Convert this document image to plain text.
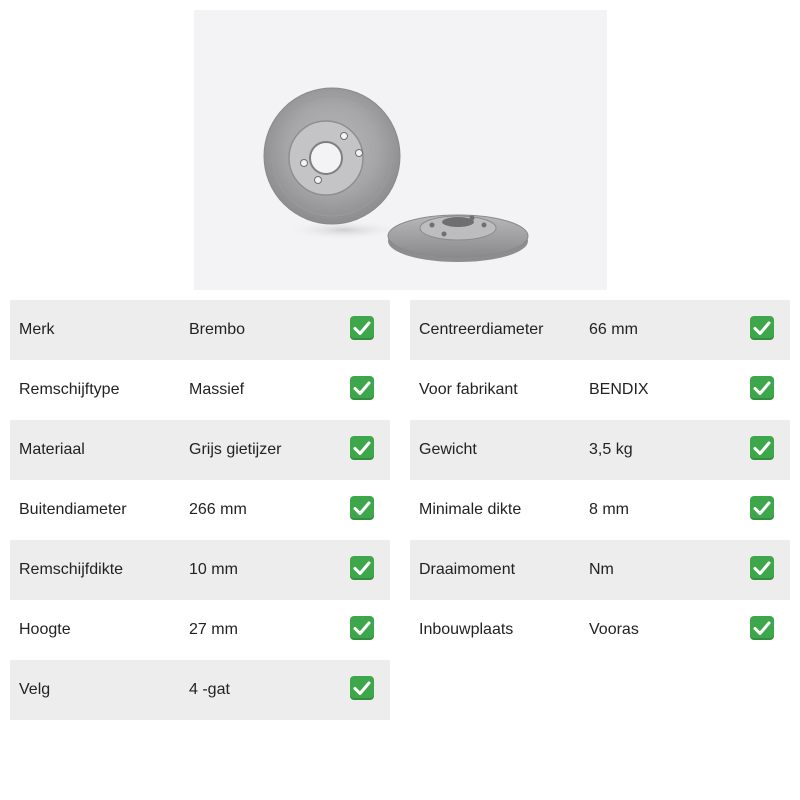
Merk	Brembo
Remschijftype	Massief
Materiaal	Grijs gietijzer
Buitendiameter	266 mm
Remschijfdikte	10 mm
Hoogte	27 mm
Velg	4 -gat
Centreerdiameter	66 mm
Voor fabrikant	BENDIX
Gewicht	3,5 kg
Minimale dikte	8 mm
Draaimoment	Nm
Inbouwplaats	Vooras
